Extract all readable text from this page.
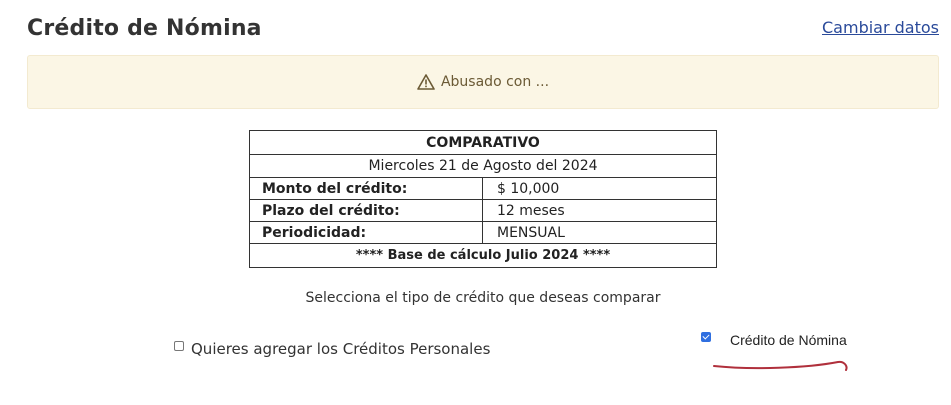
Crédito de Nómina	Cambiar datos
Abusado con ...
COMPARATIVO	
Miercoles 21 de Agosto del 2024	
Monto del crédito:	$ 10,000
Plazo del crédito:	12 meses
Periodicidad:	MENSUAL
**** Base de cálculo Julio 2024 ****	
Selecciona el tipo de crédito que deseas comparar
Quieres agregar los Créditos Personales	Crédito de Nómina
